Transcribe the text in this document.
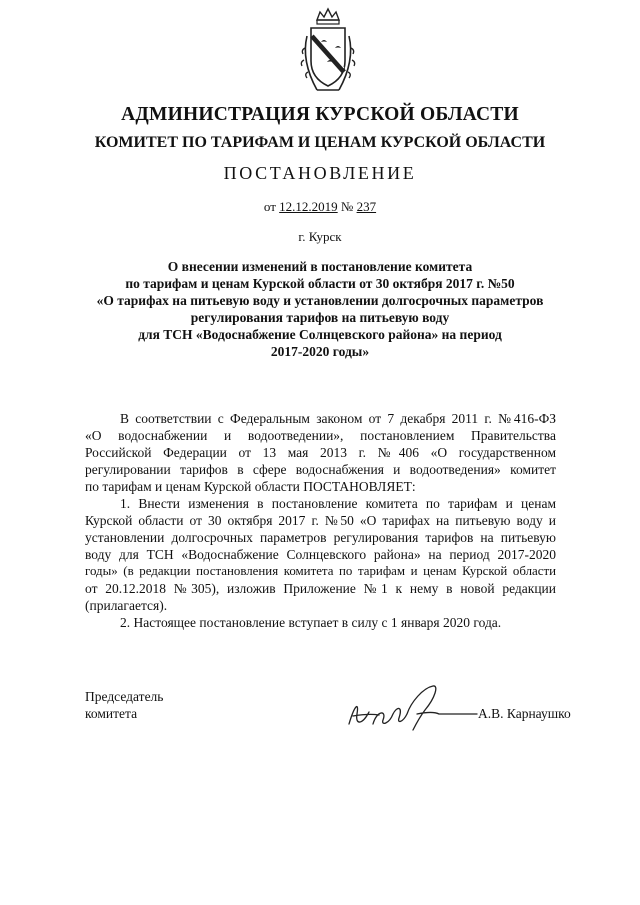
АДМИНИСТРАЦИЯ КУРСКОЙ ОБЛАСТИ
КОМИТЕТ ПО ТАРИФАМ И ЦЕНАМ КУРСКОЙ ОБЛАСТИ
ПОСТАНОВЛЕНИЕ
от 12.12.2019 № 237
г. Курск
О внесении изменений в постановление комитета
по тарифам и ценам Курской области от 30 октября 2017 г. №50
«О тарифах на питьевую воду и установлении долгосрочных параметров
регулирования тарифов на питьевую воду
для ТСН «Водоснабжение Солнцевского района» на период
2017-2020 годы»
В соответствии с Федеральным законом от 7 декабря 2011 г. №416-ФЗ
«О водоснабжении и водоотведении», постановлением Правительства
Российской Федерации от 13 мая 2013 г. №406 «О государственном
регулировании тарифов в сфере водоснабжения и водоотведения» комитет
по тарифам и ценам Курской области ПОСТАНОВЛЯЕТ:
1. Внести изменения в постановление комитета по тарифам и ценам
Курской области от 30 октября 2017 г. №50 «О тарифах на питьевую воду и
установлении долгосрочных параметров регулирования тарифов на питьевую
воду для ТСН «Водоснабжение Солнцевского района» на период 2017-2020
годы» (в редакции постановления комитета по тарифам и ценам Курской области
от 20.12.2018 №305), изложив Приложение №1 к нему в новой редакции
(прилагается).
2. Настоящее постановление вступает в силу с 1 января 2020 года.
Председатель
комитета	А.В. Карнаушко
